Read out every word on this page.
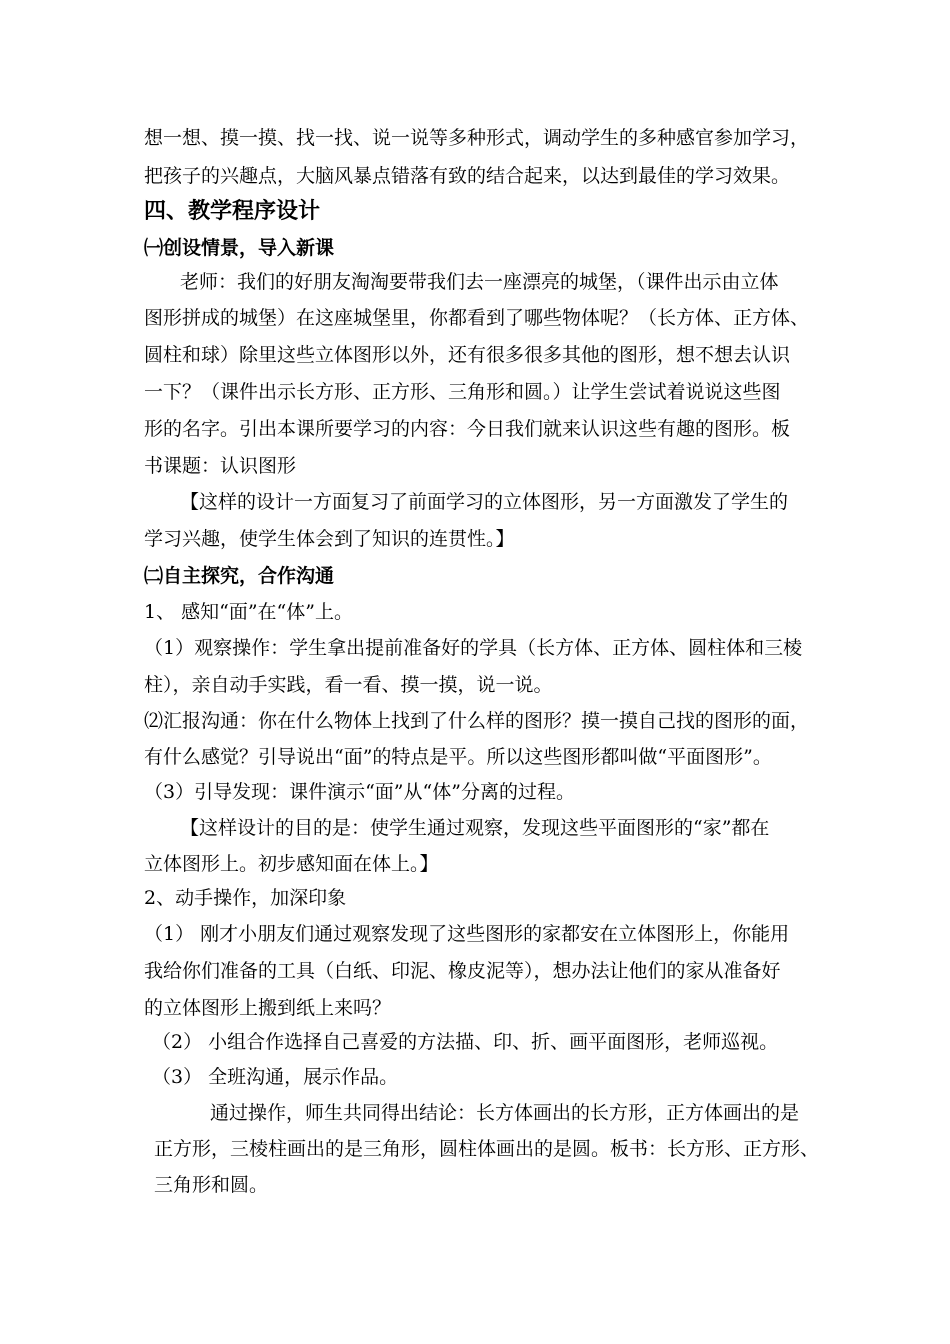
想一想、摸一摸、找一找、说一说等多种形式，调动学生的多种感官参加学习，

把孩子的兴趣点，大脑风暴点错落有致的结合起来，以达到最佳的学习效果。

四、教学程序设计

㈠创设情景，导入新课

老师：我们的好朋友淘淘要带我们去一座漂亮的城堡，（课件出示由立体

图形拼成的城堡）在这座城堡里，你都看到了哪些物体呢？（长方体、正方体、

圆柱和球）除里这些立体图形以外，还有很多很多其他的图形，想不想去认识

一下？（课件出示长方形、正方形、三角形和圆。）让学生尝试着说说这些图

形的名字。引出本课所要学习的内容：今日我们就来认识这些有趣的图形。板

书课题：认识图形

【这样的设计一方面复习了前面学习的立体图形，另一方面激发了学生的

学习兴趣，使学生体会到了知识的连贯性。】

㈡自主探究，合作沟通

1、 感知“面”在“体”上。

（1）观察操作：学生拿出提前准备好的学具（长方体、正方体、圆柱体和三棱

柱），亲自动手实践，看一看、摸一摸，说一说。

⑵汇报沟通：你在什么物体上找到了什么样的图形？摸一摸自己找的图形的面，

有什么感觉？引导说出“面”的特点是平。所以这些图形都叫做“平面图形”。

（3）引导发现：课件演示“面”从“体”分离的过程。

【这样设计的目的是：使学生通过观察，发现这些平面图形的“家”都在

立体图形上。初步感知面在体上。】

2、动手操作，加深印象

（1） 刚才小朋友们通过观察发现了这些图形的家都安在立体图形上，你能用

我给你们准备的工具（白纸、印泥、橡皮泥等），想办法让他们的家从准备好

的立体图形上搬到纸上来吗？

（2） 小组合作选择自己喜爱的方法描、印、折、画平面图形，老师巡视。

（3） 全班沟通，展示作品。

通过操作，师生共同得出结论：长方体画出的长方形，正方体画出的是

正方形，三棱柱画出的是三角形，圆柱体画出的是圆。板书：长方形、正方形、

三角形和圆。
